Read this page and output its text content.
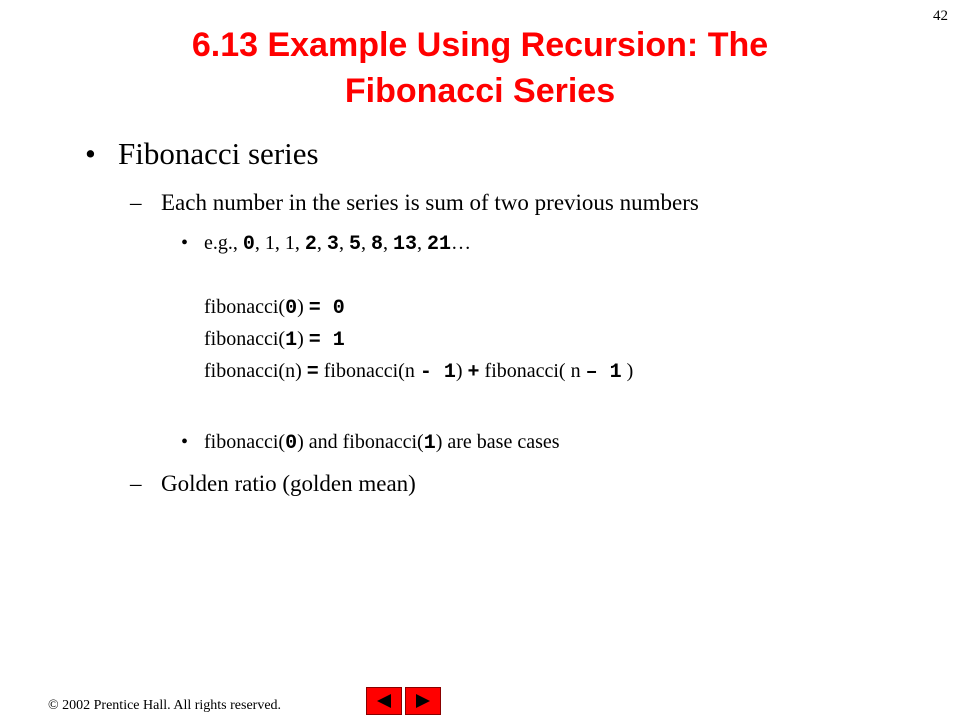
42
6.13 Example Using Recursion: The
Fibonacci Series
• Fibonacci series
– Each number in the series is sum of two previous numbers
• e.g., 0, 1, 1, 2, 3, 5, 8, 13, 21…
fibonacci(0) = 0
fibonacci(1) = 1
fibonacci(n) = fibonacci(n - 1) + fibonacci( n – 1 )
• fibonacci(0) and fibonacci(1) are base cases
– Golden ratio (golden mean)
© 2002 Prentice Hall. All rights reserved.
